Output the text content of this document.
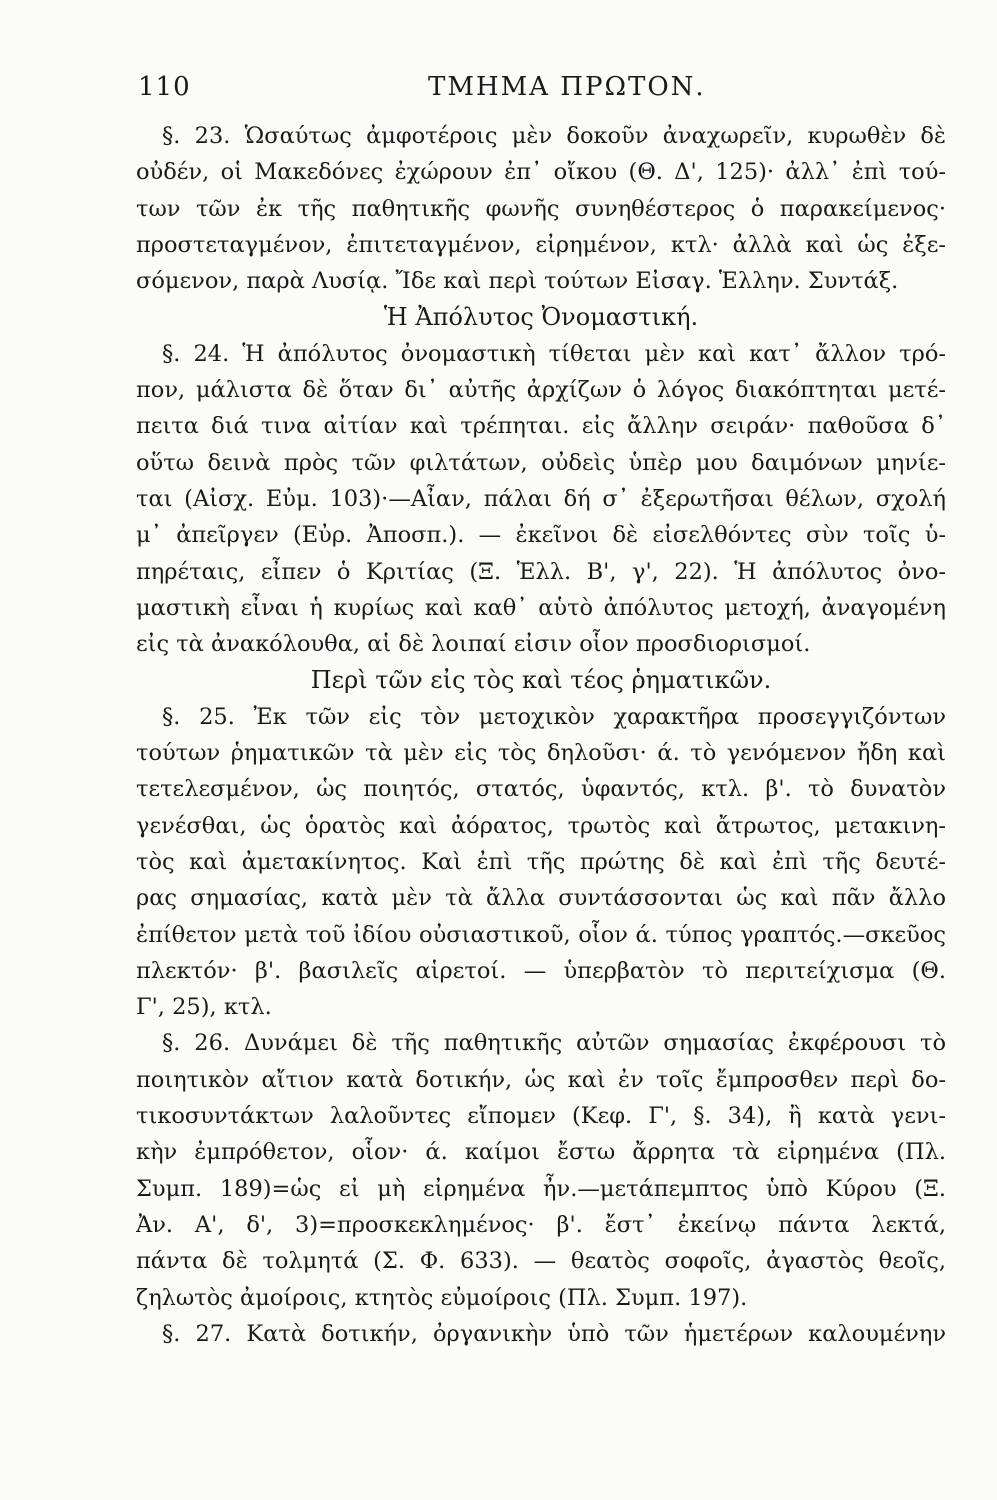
110	ΤΜΗΜΑ ΠΡΩΤΟΝ.
§. 23. Ὡσαύτως ἀμφοτέροις μὲν δοκοῦν ἀναχωρεῖν, κυρωθὲν δὲ
οὐδέν, οἱ Μακεδόνες ἐχώρουν ἐπ᾽ οἴκου (Θ. Δ', 125)· ἀλλ᾽ ἐπὶ τού-
των τῶν ἐκ τῆς παθητικῆς φωνῆς συνηθέστερος ὁ παρακείμενος·
προστεταγμένον, ἐπιτεταγμένον, εἰρημένον, κτλ· ἀλλὰ καὶ ὡς ἐξε-
σόμενον, παρὰ Λυσίᾳ. Ἴδε καὶ περὶ τούτων Εἰσαγ. Ἑλλην. Συντάξ.
Ἡ Ἀπόλυτος Ὀνομαστική.
§. 24. Ἡ ἀπόλυτος ὀνομαστικὴ τίθεται μὲν καὶ κατ᾽ ἄλλον τρό-
πον, μάλιστα δὲ ὅταν δι᾽ αὐτῆς ἀρχίζων ὁ λόγος διακόπτηται μετέ-
πειτα διά τινα αἰτίαν καὶ τρέπηται. εἰς ἄλλην σειράν· παθοῦσα δ᾽
οὕτω δεινὰ πρὸς τῶν φιλτάτων, οὐδεὶς ὑπὲρ μου δαιμόνων μηνίε-
ται (Αἰσχ. Εὐμ. 103)·—Αἶαν, πάλαι δή σ᾽ ἐξερωτῆσαι θέλων, σχολή
μ᾽ ἀπεῖργεν (Εὐρ. Ἀποσπ.). — ἐκεῖνοι δὲ εἰσελθόντες σὺν τοῖς ὑ-
πηρέταις, εἶπεν ὁ Κριτίας (Ξ. Ἑλλ. Β', γ', 22). Ἡ ἀπόλυτος ὀνο-
μαστικὴ εἶναι ἡ κυρίως καὶ καθ᾽ αὑτὸ ἀπόλυτος μετοχή, ἀναγομένη
εἰς τὰ ἀνακόλουθα, αἱ δὲ λοιπαί εἰσιν οἷον προσδιορισμοί.
Περὶ τῶν εἰς τὸς καὶ τέος ῥηματικῶν.
§. 25. Ἐκ τῶν εἰς τὸν μετοχικὸν χαρακτῆρα προσεγγιζόντων
τούτων ῥηματικῶν τὰ μὲν εἰς τὸς δηλοῦσι· ά. τὸ γενόμενον ἤδη καὶ
τετελεσμένον, ὡς ποιητός, στατός, ὑφαντός, κτλ. β'. τὸ δυνατὸν
γενέσθαι, ὡς ὁρατὸς καὶ ἀόρατος, τρωτὸς καὶ ἄτρωτος, μετακινη-
τὸς καὶ ἀμετακίνητος. Καὶ ἐπὶ τῆς πρώτης δὲ καὶ ἐπὶ τῆς δευτέ-
ρας σημασίας, κατὰ μὲν τὰ ἄλλα συντάσσονται ὡς καὶ πᾶν ἄλλο
ἐπίθετον μετὰ τοῦ ἰδίου οὐσιαστικοῦ, οἷον ά. τύπος γραπτός.—σκεῦος
πλεκτόν· β'. βασιλεῖς αἱρετοί. — ὑπερβατὸν τὸ περιτείχισμα (Θ.
Γ', 25), κτλ.
§. 26. Δυνάμει δὲ τῆς παθητικῆς αὐτῶν σημασίας ἐκφέρουσι τὸ
ποιητικὸν αἴτιον κατὰ δοτικήν, ὡς καὶ ἐν τοῖς ἔμπροσθεν περὶ δο-
τικοσυντάκτων λαλοῦντες εἴπομεν (Κεφ. Γ', §. 34), ἢ κατὰ γενι-
κὴν ἐμπρόθετον, οἷον· ά. καίμοι ἔστω ἄρρητα τὰ εἰρημένα (Πλ.
Συμπ. 189)=ὡς εἰ μὴ εἰρημένα ἦν.—μετάπεμπτος ὑπὸ Κύρου (Ξ.
Ἀν. Α', δ', 3)=προσκεκλημένος· β'. ἔστ᾽ ἐκείνῳ πάντα λεκτά,
πάντα δὲ τολμητά (Σ. Φ. 633). — θεατὸς σοφοῖς, ἀγαστὸς θεοῖς,
ζηλωτὸς ἀμοίροις, κτητὸς εὐμοίροις (Πλ. Συμπ. 197).
§. 27. Κατὰ δοτικήν, ὀργανικὴν ὑπὸ τῶν ἡμετέρων καλουμένην
